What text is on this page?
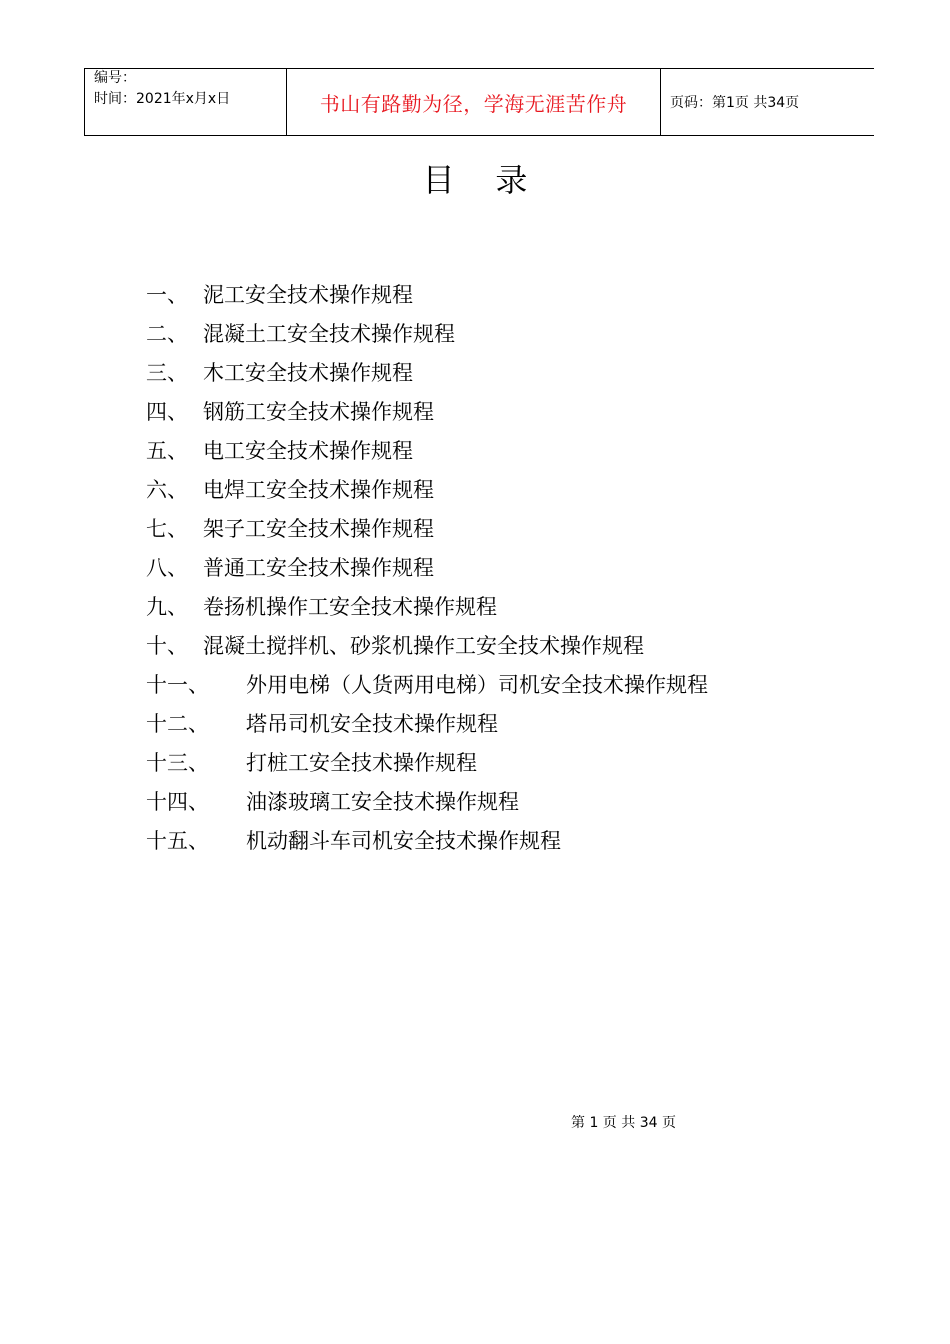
编号：
时间：2021年x月x日	书山有路勤为径，学海无涯苦作舟	页码：第1页 共34页
目    录
一、 泥工安全技术操作规程
二、 混凝土工安全技术操作规程
三、 木工安全技术操作规程
四、 钢筋工安全技术操作规程
五、 电工安全技术操作规程
六、 电焊工安全技术操作规程
七、 架子工安全技术操作规程
八、 普通工安全技术操作规程
九、 卷扬机操作工安全技术操作规程
十、 混凝土搅拌机、砂浆机操作工安全技术操作规程
十一、 外用电梯（人货两用电梯）司机安全技术操作规程
十二、 塔吊司机安全技术操作规程
十三、 打桩工安全技术操作规程
十四、 油漆玻璃工安全技术操作规程
十五、 机动翻斗车司机安全技术操作规程
第 1 页 共 34 页
